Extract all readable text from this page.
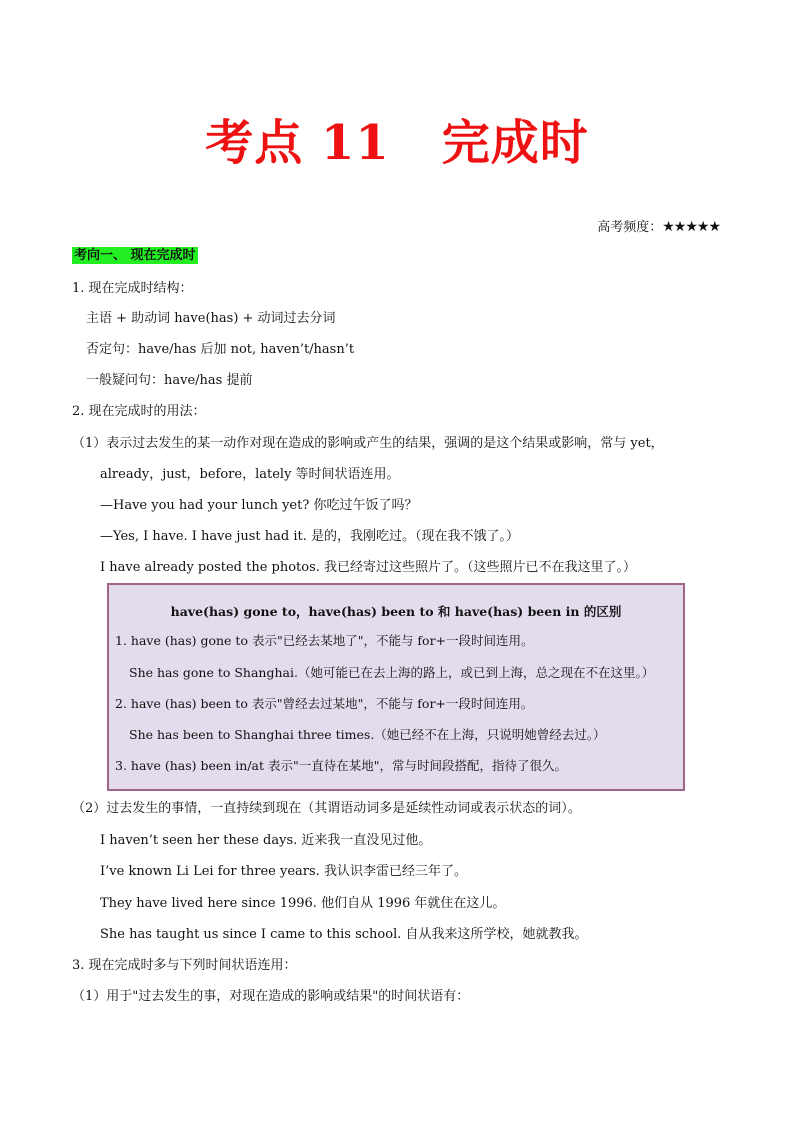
考点 11 完成时
高考频度：★★★★★
考向一、 现在完成时
1. 现在完成时结构：
主语 + 助动词 have(has) + 动词过去分词
否定句：have/has 后加 not, haven’t/hasn’t
一般疑问句：have/has 提前
2. 现在完成时的用法：
（1）表示过去发生的某一动作对现在造成的影响或产生的结果，强调的是这个结果或影响，常与 yet，
already，just，before，lately 等时间状语连用。
—Have you had your lunch yet? 你吃过午饭了吗？
—Yes, I have. I have just had it. 是的，我刚吃过。（现在我不饿了。）
I have already posted the photos. 我已经寄过这些照片了。（这些照片已不在我这里了。）
have(has) gone to，have(has) been to 和 have(has) been in 的区别
1. have (has) gone to 表示"已经去某地了"，不能与 for+一段时间连用。
She has gone to Shanghai.（她可能已在去上海的路上，或已到上海，总之现在不在这里。）
2. have (has) been to 表示"曾经去过某地"，不能与 for+一段时间连用。
She has been to Shanghai three times.（她已经不在上海，只说明她曾经去过。）
3. have (has) been in/at 表示"一直待在某地"，常与时间段搭配，指待了很久。
（2）过去发生的事情，一直持续到现在（其谓语动词多是延续性动词或表示状态的词）。
I haven’t seen her these days. 近来我一直没见过他。
I’ve known Li Lei for three years. 我认识李雷已经三年了。
They have lived here since 1996. 他们自从 1996 年就住在这儿。
She has taught us since I came to this school. 自从我来这所学校，她就教我。
3. 现在完成时多与下列时间状语连用：
（1）用于"过去发生的事，对现在造成的影响或结果"的时间状语有：
